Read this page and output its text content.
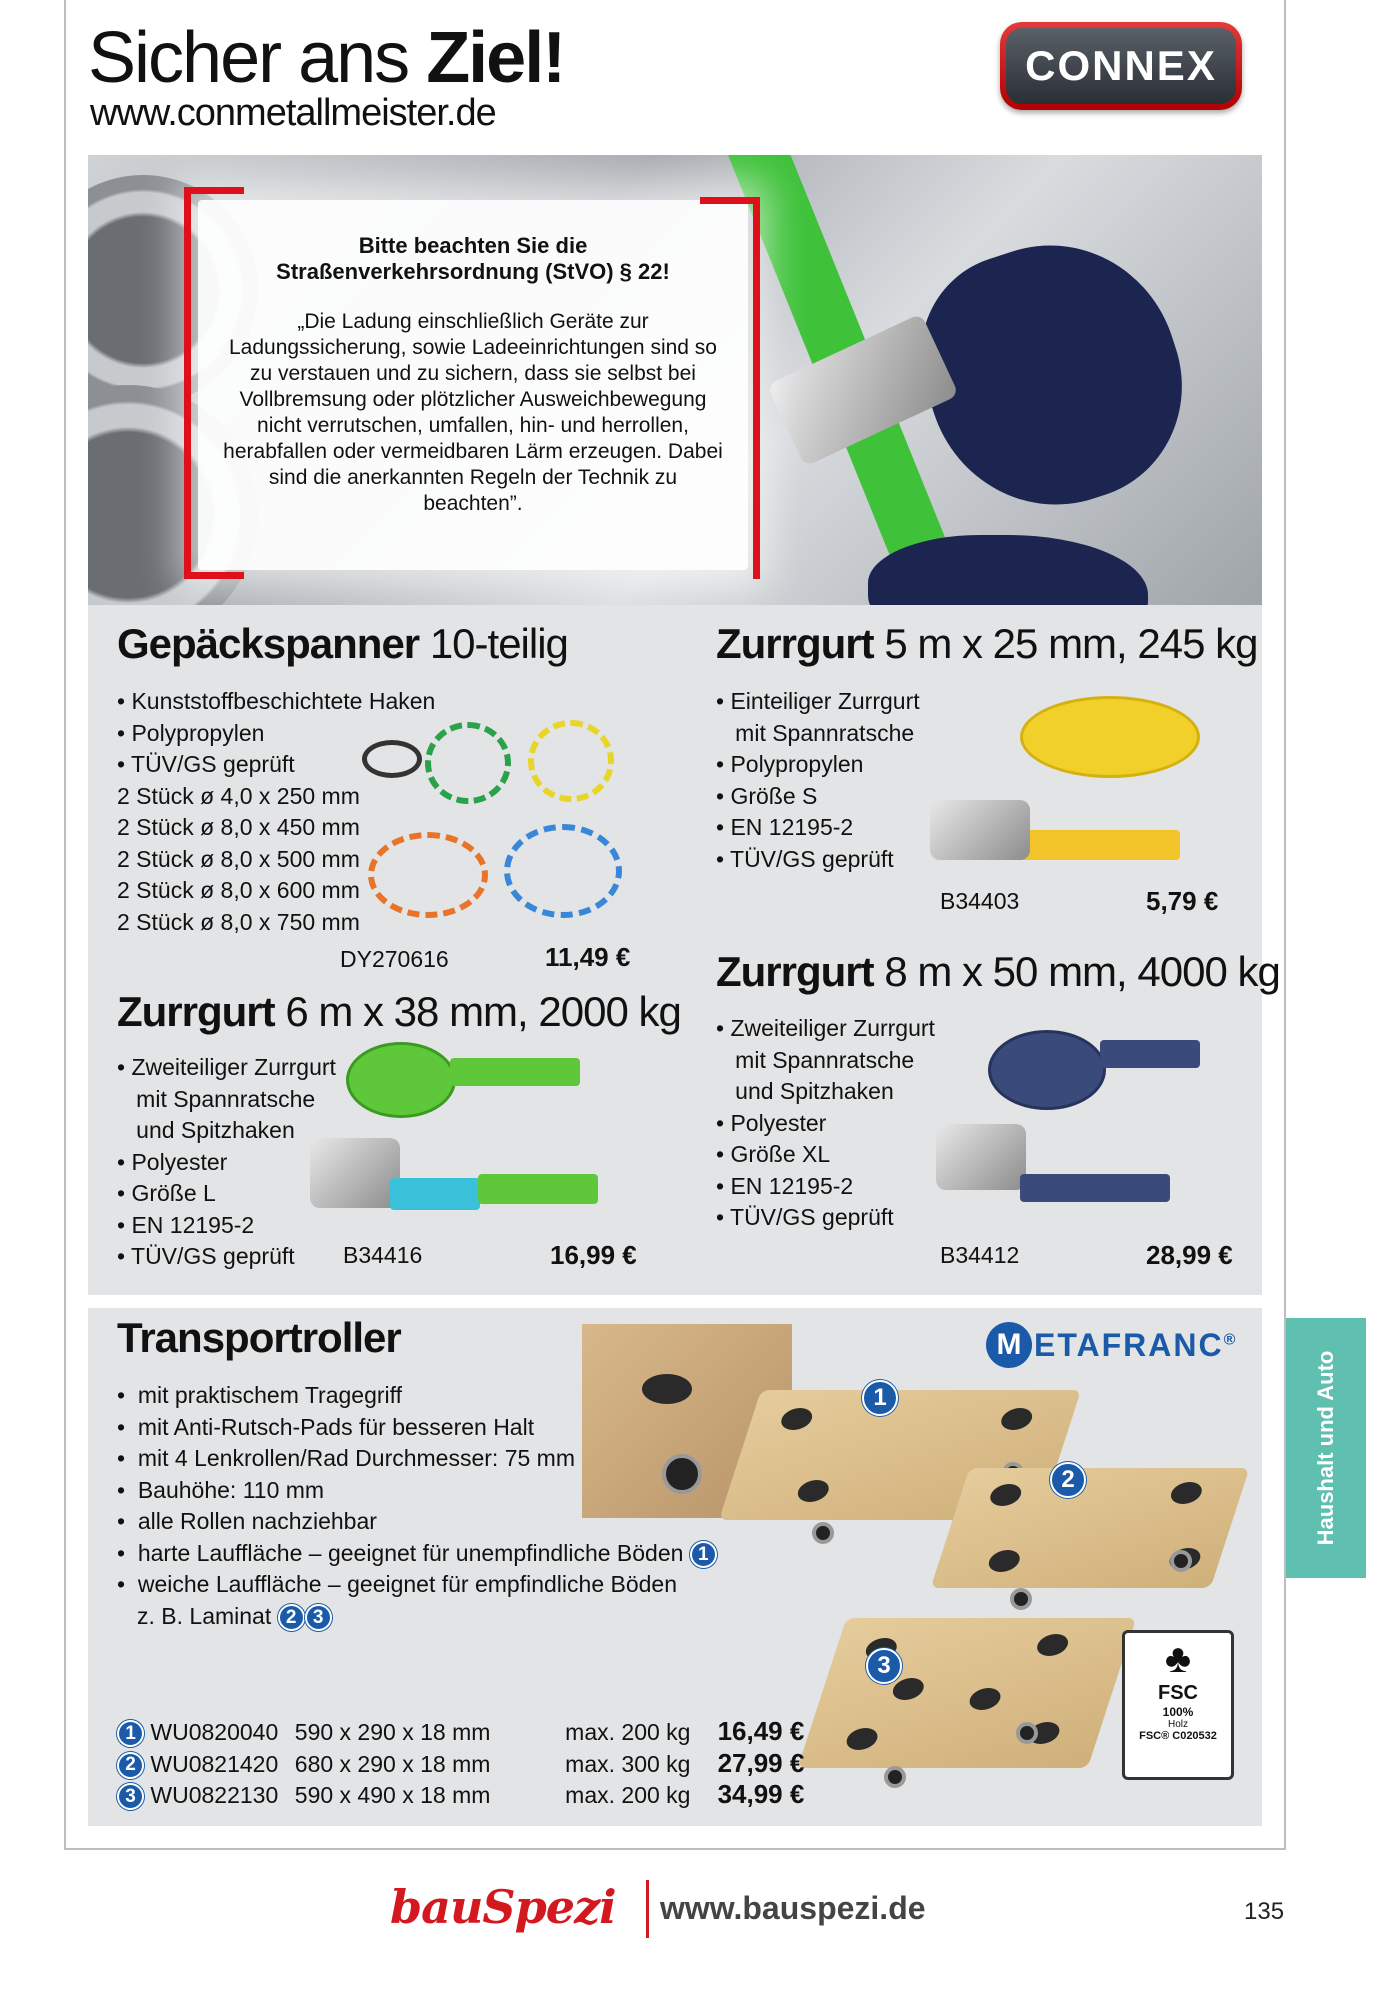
Sicher ans Ziel!
www.conmetallmeister.de
CONNEX
Bitte beachten Sie die
Straßenverkehrsordnung (StVO) § 22!
„Die Ladung einschließlich Geräte zur Ladungssicherung, sowie Ladeeinrichtungen sind so zu verstauen und zu sichern, dass sie selbst bei Vollbremsung oder plötzlicher Ausweichbewegung nicht verrutschen, umfallen, hin- und herrollen, herabfallen oder vermeidbaren Lärm erzeugen. Dabei sind die anerkannten Regeln der Technik zu beachten”.
Gepäckspanner 10-teilig
• Kunststoffbeschichtete Haken
• Polypropylen
• TÜV/GS geprüft
2 Stück ø 4,0 x 250 mm
2 Stück ø 8,0 x 450 mm
2 Stück ø 8,0 x 500 mm
2 Stück ø 8,0 x 600 mm
2 Stück ø 8,0 x 750 mm
DY270616	11,49 €
Zurrgurt 5 m x 25 mm, 245 kg
• Einteiliger Zurrgurt
mit Spannratsche
• Polypropylen
• Größe S
• EN 12195-2
• TÜV/GS geprüft
B34403	5,79 €
Zurrgurt 6 m x 38 mm, 2000 kg
• Zweiteiliger Zurrgurt
mit Spannratsche
und Spitzhaken
• Polyester
• Größe L
• EN 12195-2
• TÜV/GS geprüft	B34416	16,99 €
Zurrgurt 8 m x 50 mm, 4000 kg
• Zweiteiliger Zurrgurt
mit Spannratsche
und Spitzhaken
• Polyester
• Größe XL
• EN 12195-2
• TÜV/GS geprüft
B34412	28,99 €
Transportroller	M ETAFRANC®
•  mit praktischem Tragegriff
•  mit Anti-Rutsch-Pads für besseren Halt
•  mit 4 Lenkrollen/Rad Durchmesser: 75 mm
•  Bauhöhe: 110 mm
•  alle Rollen nachziehbar
•  harte Lauffläche – geeignet für unempfindliche Böden 1
•  weiche Lauffläche – geeignet für empfindliche Böden
z. B. Laminat 2 3
1
2
3	♣
FSC
100%
Holz
FSC® C020532
1 WU0820040 590 x 290 x 18 mm	max. 200 kg 16,49 €
2 WU0821420 680 x 290 x 18 mm	max. 300 kg 27,99 €
3 WU0822130 590 x 490 x 18 mm	max. 200 kg 34,99 €
Haushalt und Auto
bauSpezi www.bauspezi.de	135
